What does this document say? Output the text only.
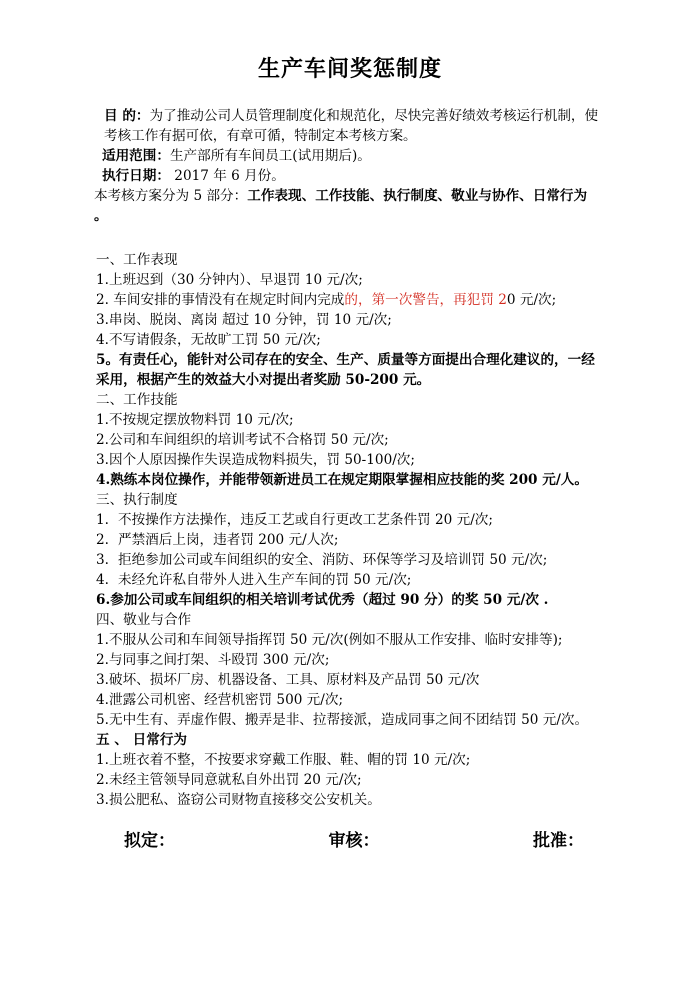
生产车间奖惩制度

目 的：为了推动公司人员管理制度化和规范化，尽快完善好绩效考核运行机制，使考核工作有据可依，有章可循，特制定本考核方案。

适用范围：生产部所有车间员工(试用期后)。

执行日期： 2017 年 6 月份。

本考核方案分为 5 部分：工作表现、工作技能、执行制度、敬业与协作、日常行为 。

一、工作表现

1.上班迟到（30 分钟内）、早退罚 10 元/次;

2. 车间安排的事情没有在规定时间内完成的，第一次警告，再犯罚 20 元/次;

3.串岗、脱岗、离岗 超过 10 分钟，罚 10 元/次;

4.不写请假条，无故旷工罚 50 元/次;

5。有责任心，能针对公司存在的安全、生产、质量等方面提出合理化建议的，一经采用，根据产生的效益大小对提出者奖励 50-200 元。

二、工作技能

1.不按规定摆放物料罚 10 元/次;

2.公司和车间组织的培训考试不合格罚 50 元/次;

3.因个人原因操作失误造成物料损失，罚 50-100/次;

4.熟练本岗位操作，并能带领新进员工在规定期限掌握相应技能的奖 200 元/人。

三、执行制度
1. 不按操作方法操作，违反工艺或自行更改工艺条件罚 20 元/次;
2. 严禁酒后上岗，违者罚 200 元/人次;
3. 拒绝参加公司或车间组织的安全、消防、环保等学习及培训罚 50 元/次;
4. 未经允许私自带外人进入生产车间的罚 50 元/次;

6.参加公司或车间组织的相关培训考试优秀（超过 90 分）的奖 50 元/次 .

四、敬业与合作

1.不服从公司和车间领导指挥罚 50 元/次(例如不服从工作安排、临时安排等);

2.与同事之间打架、斗殴罚 300 元/次;

3.破坏、损坏厂房、机器设备、工具、原材料及产品罚 50 元/次

4.泄露公司机密、经营机密罚 500 元/次;

5.无中生有、弄虚作假、搬弄是非、拉帮接派，造成同事之间不团结罚 50 元/次。

五 、 日常行为

1.上班衣着不整，不按要求穿戴工作服、鞋、帽的罚 10 元/次;

2.未经主管领导同意就私自外出罚 20 元/次;

3.损公肥私、盗窃公司财物直接移交公安机关。

拟定：	审核：	批准：
